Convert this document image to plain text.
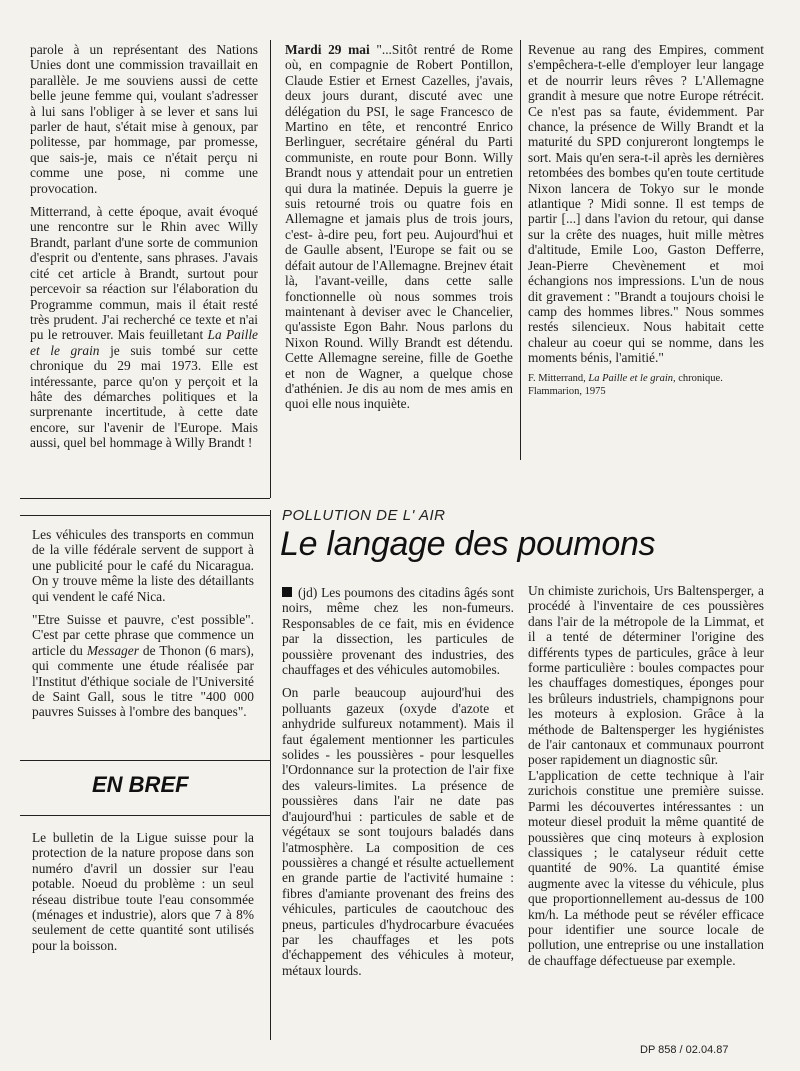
parole à un représentant des Nations Unies dont une commission travaillait en parallèle. Je me souviens aussi de cette belle jeune femme qui, voulant s'adresser à lui sans l'obliger à se lever et sans lui parler de haut, s'était mise à genoux, par politesse, par hommage, par promesse, que sais-je, mais ce n'était perçu ni comme une pose, ni comme une provocation.

Mitterrand, à cette époque, avait évoqué une rencontre sur le Rhin avec Willy Brandt, parlant d'une sorte de communion d'esprit ou d'entente, sans phrases. J'avais cité cet article à Brandt, surtout pour percevoir sa réaction sur l'élaboration du Programme commun, mais il était resté très prudent. J'ai recherché ce texte et n'ai pu le retrouver. Mais feuilletant La Paille et le grain je suis tombé sur cette chronique du 29 mai 1973. Elle est intéressante, parce qu'on y perçoit et la hâte des démarches politiques et la surprenante incertitude, à cette date encore, sur l'avenir de l'Europe. Mais aussi, quel bel hommage à Willy Brandt !

Mardi 29 mai "...Sitôt rentré de Rome où, en compagnie de Robert Pontillon, Claude Estier et Ernest Cazelles, j'avais, deux jours durant, discuté avec une délégation du PSI, le sage Francesco de Martino en tête, et rencontré Enrico Berlinguer, secrétaire général du Parti communiste, en route pour Bonn. Willy Brandt nous y attendait pour un entretien qui dura la matinée. Depuis la guerre je suis retourné trois ou quatre fois en Allemagne et jamais plus de trois jours, c'est- à-dire peu, fort peu. Aujourd'hui et de Gaulle absent, l'Europe se fait ou se défait autour de l'Allemagne. Brejnev était là, l'avant-veille, dans cette salle fonctionnelle où nous sommes trois maintenant à deviser avec le Chancelier, qu'assiste Egon Bahr. Nous parlons du Nixon Round. Willy Brandt est détendu. Cette Allemagne sereine, fille de Goethe et non de Wagner, a quelque chose d'athénien. Je dis au nom de mes amis en quoi elle nous inquiète.

Revenue au rang des Empires, comment s'empêchera-t-elle d'employer leur langage et de nourrir leurs rêves ? L'Allemagne grandit à mesure que notre Europe rétrécit. Ce n'est pas sa faute, évidemment. Par chance, la présence de Willy Brandt et la maturité du SPD conjureront longtemps le sort. Mais qu'en sera-t-il après les dernières retombées des bombes qu'en toute certitude Nixon lancera de Tokyo sur le monde atlantique ? Midi sonne. Il est temps de partir [...] dans l'avion du retour, qui danse sur la crête des nuages, huit mille mètres d'altitude, Emile Loo, Gaston Defferre, Jean-Pierre Chevènement et moi échangions nos impressions. L'un de nous dit gravement : "Brandt a toujours choisi le camp des hommes libres." Nous sommes restés silencieux. Nous habitait cette chaleur au coeur qui se nomme, dans les moments bénis, l'amitié."

F. Mitterrand, La Paille et le grain, chronique. Flammarion, 1975
POLLUTION DE L' AIR
Le langage des poumons

(jd) Les poumons des citadins âgés sont noirs, même chez les non-fumeurs. Responsables de ce fait, mis en évidence par la dissection, les particules de poussière provenant des industries, des chauffages et des véhicules automobiles.

On parle beaucoup aujourd'hui des polluants gazeux (oxyde d'azote et anhydride sulfureux notamment). Mais il faut également mentionner les particules solides - les poussières - pour lesquelles l'Ordonnance sur la protection de l'air fixe des valeurs-limites. La présence de poussières dans l'air ne date pas d'aujourd'hui : particules de sable et de végétaux se sont toujours baladés dans l'atmosphère. La composition de ces poussières a changé et résulte actuellement en grande partie de l'activité humaine : fibres d'amiante provenant des freins des véhicules, particules de caoutchouc des pneus, particules d'hydrocarbure évacuées par les chauffages et les pots d'échappement des véhicules à moteur, métaux lourds.

Un chimiste zurichois, Urs Baltensperger, a procédé à l'inventaire de ces poussières dans l'air de la métropole de la Limmat, et il a tenté de déterminer l'origine des différents types de particules, grâce à leur forme particulière : boules compactes pour les chauffages domestiques, éponges pour les brûleurs industriels, champignons pour les moteurs à explosion. Grâce à la méthode de Baltensperger les hygiénistes de l'air cantonaux et communaux pourront poser rapidement un diagnostic sûr.

L'application de cette technique à l'air zurichois constitue une première suisse. Parmi les découvertes intéressantes : un moteur diesel produit la même quantité de poussières que cinq moteurs à explosion classiques ; le catalyseur réduit cette quantité de 90%. La quantité émise augmente avec la vitesse du véhicule, plus que proportionnellement au-dessus de 100 km/h. La méthode peut se révéler efficace pour identifier une source locale de pollution, une entreprise ou une installation de chauffage défectueuse par exemple.

Les véhicules des transports en commun de la ville fédérale servent de support à une publicité pour le café du Nicaragua. On y trouve même la liste des détaillants qui vendent le café Nica.

"Etre Suisse et pauvre, c'est possible". C'est par cette phrase que commence un article du Messager de Thonon (6 mars), qui commente une étude réalisée par l'Institut d'éthique sociale de l'Université de Saint Gall, sous le titre "400 000 pauvres Suisses à l'ombre des banques".

EN BREF

Le bulletin de la Ligue suisse pour la protection de la nature propose dans son numéro d'avril un dossier sur l'eau potable. Noeud du problème : un seul réseau distribue toute l'eau consommée (ménages et industrie), alors que 7 à 8% seulement de cette quantité sont utilisés pour la boisson.

DP 858 / 02.04.87
